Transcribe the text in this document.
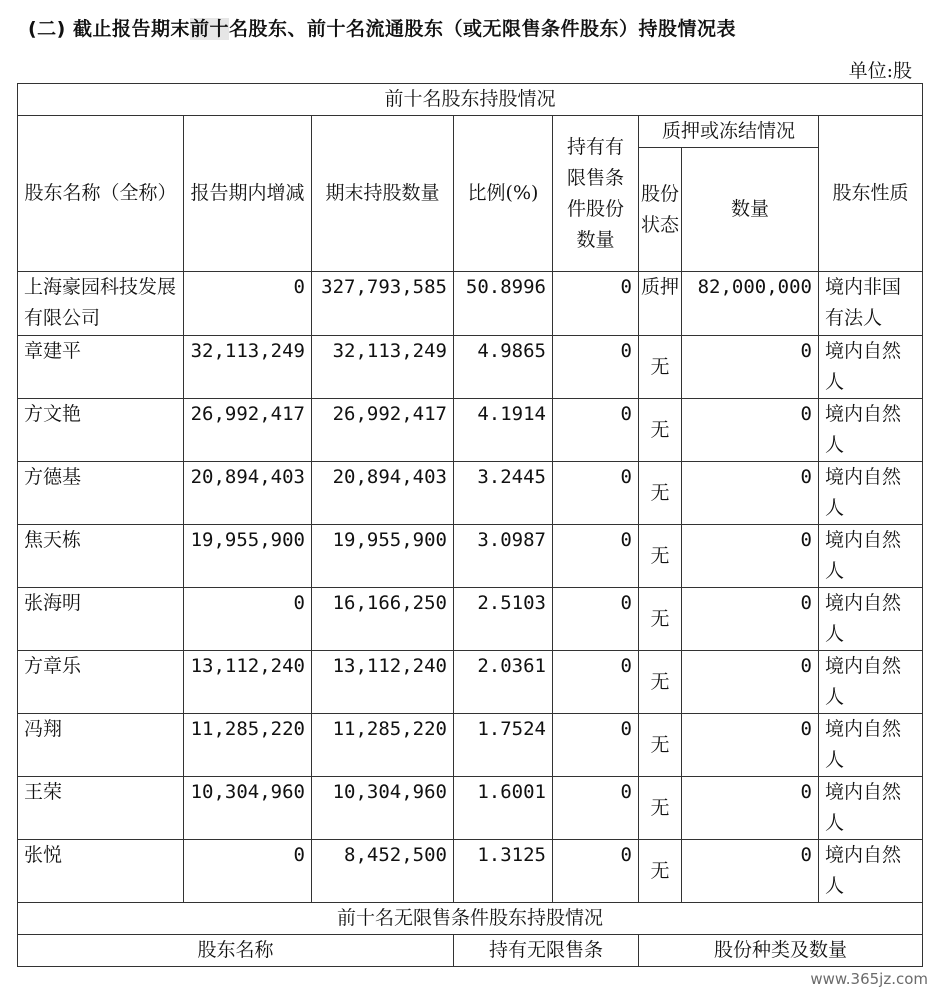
(二) 截止报告期末前十名股东、前十名流通股东（或无限售条件股东）持股情况表
单位:股
前十名股东持股情况							
股东名称（全称）	报告期内增减	期末持股数量	比例(%)	持有有限售条件股份数量	质押或冻结情况		股东性质
					股份状态	数量	
上海豪园科技发展有限公司	0	327,793,585	50.8996	0	质押	82,000,000	境内非国有法人
章建平	32,113,249	32,113,249	4.9865	0	无	0	境内自然人
方文艳	26,992,417	26,992,417	4.1914	0	无	0	境内自然人
方德基	20,894,403	20,894,403	3.2445	0	无	0	境内自然人
焦天栋	19,955,900	19,955,900	3.0987	0	无	0	境内自然人
张海明	0	16,166,250	2.5103	0	无	0	境内自然人
方章乐	13,112,240	13,112,240	2.0361	0	无	0	境内自然人
冯翔	11,285,220	11,285,220	1.7524	0	无	0	境内自然人
王荣	10,304,960	10,304,960	1.6001	0	无	0	境内自然人
张悦	0	8,452,500	1.3125	0	无	0	境内自然人
前十名无限售条件股东持股情况							
股东名称			持有无限售条		股份种类及数量		
www.365jz.com
